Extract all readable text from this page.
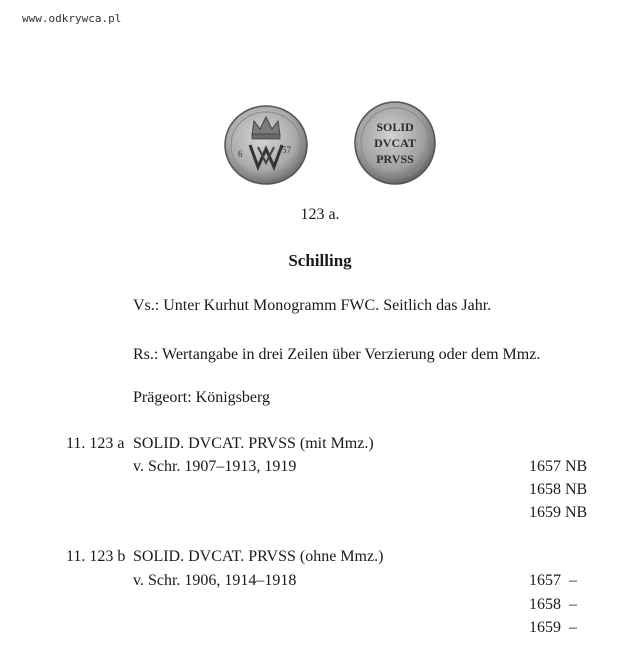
www.odkrywca.pl
6	57
SOLID
DVCAT
PRVSS
123 a.
Schilling
Vs.: Unter Kurhut Monogramm FWC. Seitlich das Jahr.
Rs.: Wertangabe in drei Zeilen über Verzierung oder dem Mmz.
Prägeort: Königsberg
11. 123 a SOLID. DVCAT. PRVSS (mit Mmz.)
v. Schr. 1907–1913, 1919	1657 NB
1658 NB
1659 NB
11. 123 b SOLID. DVCAT. PRVSS (ohne Mmz.)
v. Schr. 1906, 1914–1918	1657  –
1658  –
1659  –
